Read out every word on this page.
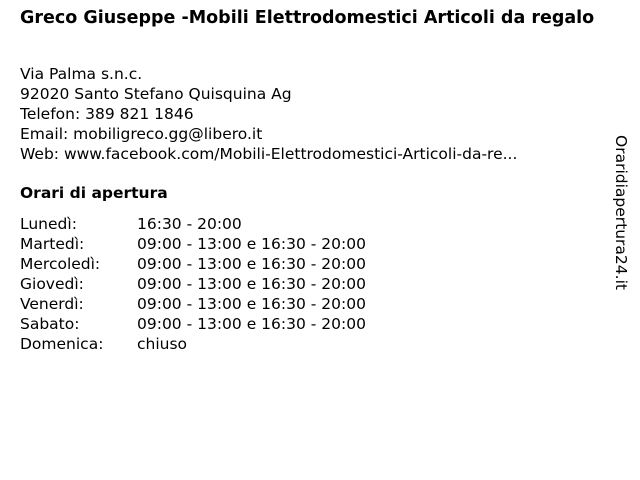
Greco Giuseppe -Mobili Elettrodomestici Articoli da regalo
Via Palma s.n.c.
92020 Santo Stefano Quisquina Ag
Telefon: 389 821 1846
Email: mobiligreco.gg@libero.it
Web: www.facebook.com/Mobili-Elettrodomestici-Articoli-da-re...
Orari di apertura
Lunedì:	16:30 - 20:00
Martedì:	09:00 - 13:00 e 16:30 - 20:00
Mercoledì: 09:00 - 13:00 e 16:30 - 20:00
Giovedì:	09:00 - 13:00 e 16:30 - 20:00
Venerdì:	09:00 - 13:00 e 16:30 - 20:00
Sabato:	09:00 - 13:00 e 16:30 - 20:00
Domenica: chiuso
Oraridiapertura24.it
